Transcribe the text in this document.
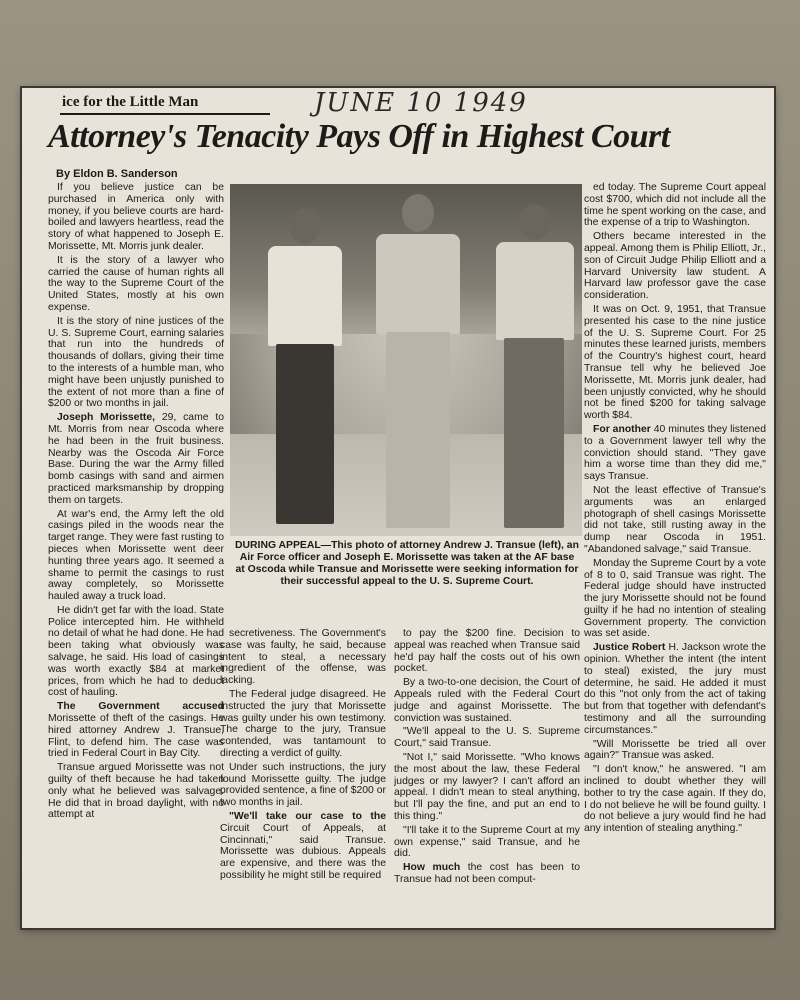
ice for the Little Man	JUNE 10 1949
Attorney's Tenacity Pays Off in Highest Court
By Eldon B. Sanderson

If you believe justice can be purchased in America only with money, if you believe courts are hard-boiled and lawyers heartless, read the story of what happened to Joseph E. Morissette, Mt. Morris junk dealer.

It is the story of a lawyer who carried the cause of human rights all the way to the Supreme Court of the United States, mostly at his own expense.

It is the story of nine justices of the U. S. Supreme Court, earning salaries that run into the hundreds of thousands of dollars, giving their time to the interests of a humble man, who might have been unjustly punished to the extent of not more than a fine of $200 or two months in jail.

Joseph Morissette, 29, came to Mt. Morris from near Oscoda where he had been in the fruit business. Nearby was the Oscoda Air Force Base. During the war the Army filled bomb casings with sand and airmen practiced marksmanship by dropping them on targets.

At war's end, the Army left the old casings piled in the woods near the target range. They were fast rusting to pieces when Morissette went deer hunting three years ago. It seemed a shame to permit the casings to rust away completely, so Morissette hauled away a truck load.

He didn't get far with the load. State Police intercepted him. He withheld no detail of what he had done. He had been taking what obviously was salvage, he said. His load of casings was worth exactly $84 at market prices, from which he had to deduct cost of hauling.

The Government accused Morissette of theft of the casings. He hired attorney Andrew J. Transue, Flint, to defend him. The case was tried in Federal Court in Bay City.

Transue argued Morissette was not guilty of theft because he had taken only what he believed was salvage. He did that in broad daylight, with no attempt at

DURING APPEAL—This photo of attorney Andrew J. Transue (left), an Air Force officer and Joseph E. Morissette was taken at the AF base at Oscoda while Transue and Morissette were seeking information for their successful appeal to the U. S. Supreme Court.

secretiveness. The Government's case was faulty, he said, because intent to steal, a necessary ingredient of the offense, was lacking.

The Federal judge disagreed. He instructed the jury that Morissette was guilty under his own testimony. The charge to the jury, Transue contended, was tantamount to directing a verdict of guilty.

Under such instructions, the jury found Morissette guilty. The judge provided sentence, a fine of $200 or two months in jail.

"We'll take our case to the Circuit Court of Appeals, at Cincinnati," said Transue. Morissette was dubious. Appeals are expensive, and there was the possibility he might still be required

to pay the $200 fine. Decision to appeal was reached when Transue said he'd pay half the costs out of his own pocket.

By a two-to-one decision, the Court of Appeals ruled with the Federal Court judge and against Morissette. The conviction was sustained.

"We'll appeal to the U. S. Supreme Court," said Transue.

"Not I," said Morissette. "Who knows the most about the law, these Federal judges or my lawyer? I can't afford an appeal. I didn't mean to steal anything, but I'll pay the fine, and put an end to this thing."

"I'll take it to the Supreme Court at my own expense," said Transue, and he did.

How much the cost has been to Transue had not been comput-

ed today. The Supreme Court appeal cost $700, which did not include all the time he spent working on the case, and the expense of a trip to Washington.

Others became interested in the appeal. Among them is Philip Elliott, Jr., son of Circuit Judge Philip Elliott and a Harvard University law student. A Harvard law professor gave the case consideration.

It was on Oct. 9, 1951, that Transue presented his case to the nine justice of the U. S. Supreme Court. For 25 minutes these learned jurists, members of the Country's highest court, heard Transue tell why he believed Joe Morissette, Mt. Morris junk dealer, had been unjustly convicted, why he should not be fined $200 for taking salvage worth $84.

For another 40 minutes they listened to a Government lawyer tell why the conviction should stand. "They gave him a worse time than they did me," says Transue.

Not the least effective of Transue's arguments was an enlarged photograph of shell casings Morissette did not take, still rusting away in the dump near Oscoda in 1951. "Abandoned salvage," said Transue.

Monday the Supreme Court by a vote of 8 to 0, said Transue was right. The Federal judge should have instructed the jury Morissette should not be found guilty if he had no intention of stealing Government property. The conviction was set aside.

Justice Robert H. Jackson wrote the opinion. Whether the intent (the intent to steal) existed, the jury must determine, he said. He added it must do this "not only from the act of taking but from that together with defendant's testimony and all the surrounding circumstances."

"Will Morissette be tried all over again?" Transue was asked.

"I don't know," he answered. "I am inclined to doubt whether they will bother to try the case again. If they do, I do not believe he will be found guilty. I do not believe a jury would find he had any intention of stealing anything."
